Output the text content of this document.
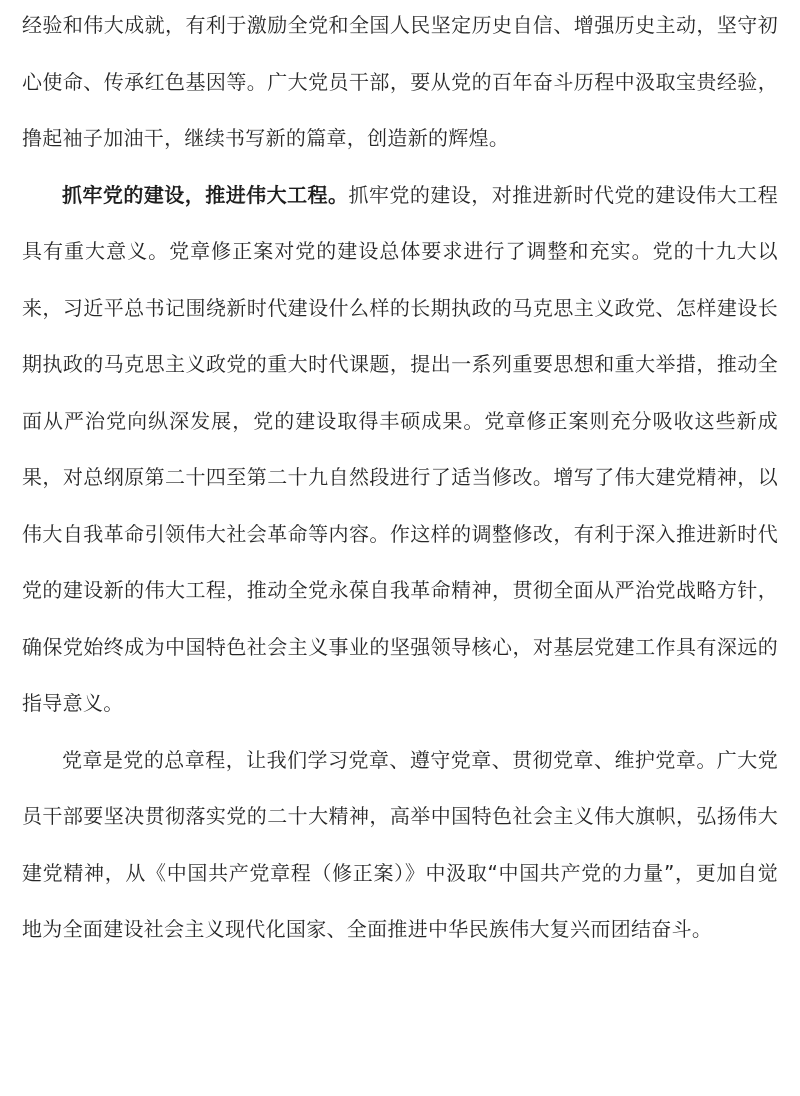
经验和伟大成就，有利于激励全党和全国人民坚定历史自信、增强历史主动，坚守初心使命、传承红色基因等。广大党员干部，要从党的百年奋斗历程中汲取宝贵经验，撸起袖子加油干，继续书写新的篇章，创造新的辉煌。

抓牢党的建设，推进伟大工程。抓牢党的建设，对推进新时代党的建设伟大工程具有重大意义。党章修正案对党的建设总体要求进行了调整和充实。党的十九大以来，习近平总书记围绕新时代建设什么样的长期执政的马克思主义政党、怎样建设长期执政的马克思主义政党的重大时代课题，提出一系列重要思想和重大举措，推动全面从严治党向纵深发展，党的建设取得丰硕成果。党章修正案则充分吸收这些新成果，对总纲原第二十四至第二十九自然段进行了适当修改。增写了伟大建党精神，以伟大自我革命引领伟大社会革命等内容。作这样的调整修改，有利于深入推进新时代党的建设新的伟大工程，推动全党永葆自我革命精神，贯彻全面从严治党战略方针，确保党始终成为中国特色社会主义事业的坚强领导核心，对基层党建工作具有深远的指导意义。

党章是党的总章程，让我们学习党章、遵守党章、贯彻党章、维护党章。广大党员干部要坚决贯彻落实党的二十大精神，高举中国特色社会主义伟大旗帜，弘扬伟大建党精神，从《中国共产党章程（修正案）》中汲取“中国共产党的力量”，更加自觉地为全面建设社会主义现代化国家、全面推进中华民族伟大复兴而团结奋斗。
